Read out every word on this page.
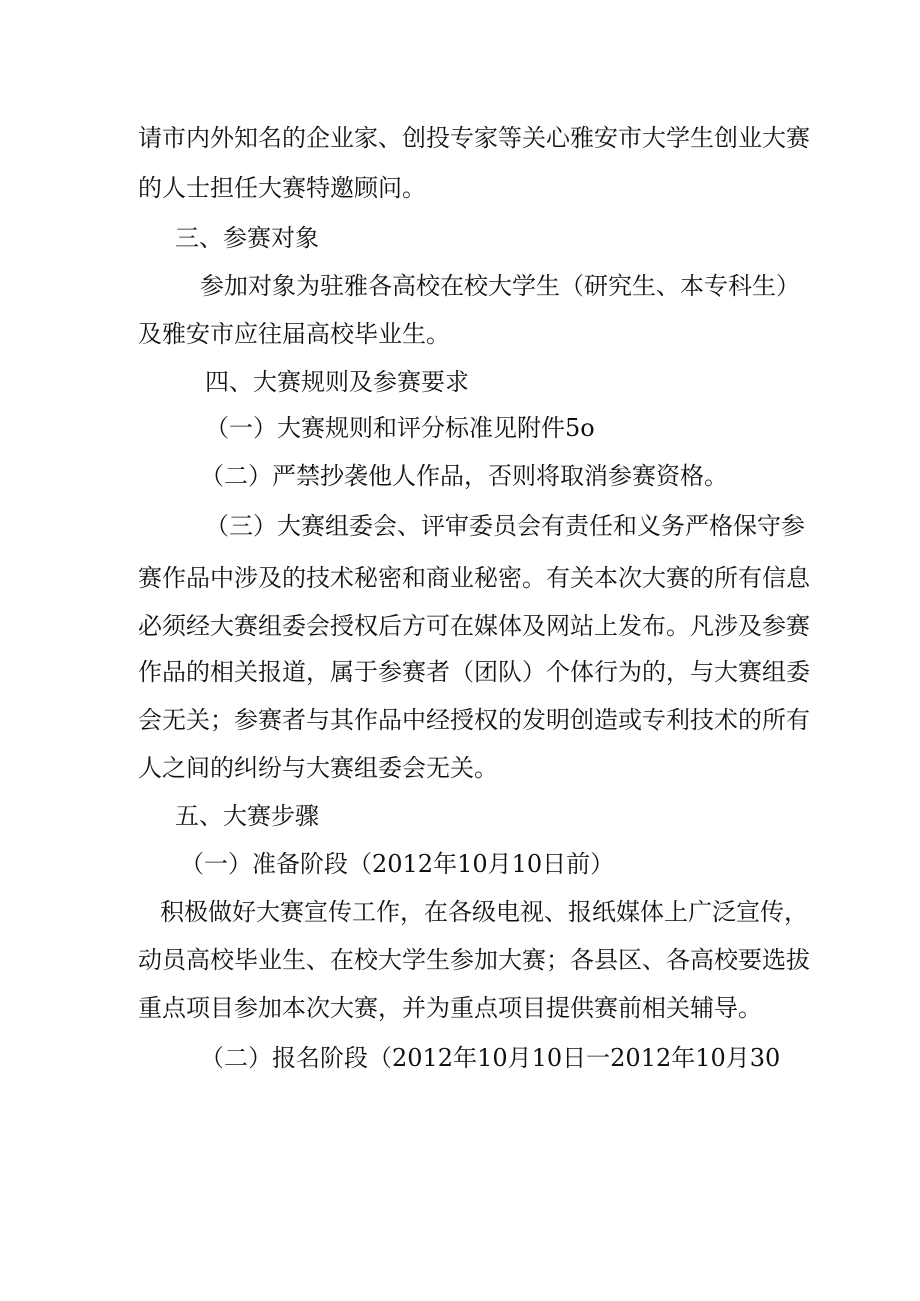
请市内外知名的企业家、创投专家等关心雅安市大学生创业大赛
的人士担任大赛特邀顾问。
三、参赛对象
参加对象为驻雅各高校在校大学生（研究生、本专科生）
及雅安市应往届高校毕业生。
四、大赛规则及参赛要求
（一）大赛规则和评分标准见附件5o
（二）严禁抄袭他人作品，否则将取消参赛资格。
（三）大赛组委会、评审委员会有责任和义务严格保守参
赛作品中涉及的技术秘密和商业秘密。有关本次大赛的所有信息
必须经大赛组委会授权后方可在媒体及网站上发布。凡涉及参赛
作品的相关报道，属于参赛者（团队）个体行为的，与大赛组委
会无关；参赛者与其作品中经授权的发明创造或专利技术的所有
人之间的纠纷与大赛组委会无关。
五、大赛步骤
（一）准备阶段（2012年10月10日前）
积极做好大赛宣传工作，在各级电视、报纸媒体上广泛宣传，
动员高校毕业生、在校大学生参加大赛；各县区、各高校要选拔
重点项目参加本次大赛，并为重点项目提供赛前相关辅导。
（二）报名阶段（2012年10月10日一2012年10月30
